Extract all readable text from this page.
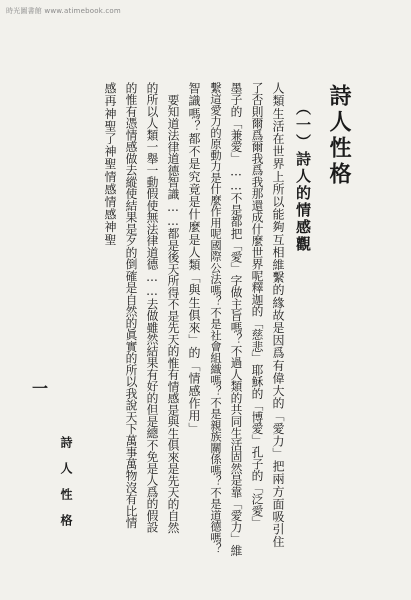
時光圖書館 www.atimebook.com
詩人性格
（一）詩人的情感觀
人類生活在世界上所以能夠互相維繫的緣故是因爲有偉大的「愛力」把兩方面吸引住
了否則爾爲爾我爲我那還成什麼世界呢釋迦的「慈悲」耶穌的「博愛」孔子的「泛愛」
墨子的「兼愛」……不是都把「愛」字做主旨嗎？不過人類的共同生活固然是靠「愛力」維
繫這愛力的原動力是什麼作用呢國際公法嗎？不是社會組織嗎？不是親族關係嗎？不是道德嗎？
智識嗎？都不是究竟是什麼是人類「與生俱來」的「情感作用」
要知道法律道德智識……都是後天所得不是先天的惟有情感是與生俱來是先天的自然
的所以人類一舉一動假使無法律道德……去做雖然結果有好的但是總不免是人爲的假設
的惟有憑情感做去縱使結果是歹的倒確是自然的眞實的所以我說天下萬事萬物沒有比情
感再神聖了神聖情感情感神聖
詩人性格
一
